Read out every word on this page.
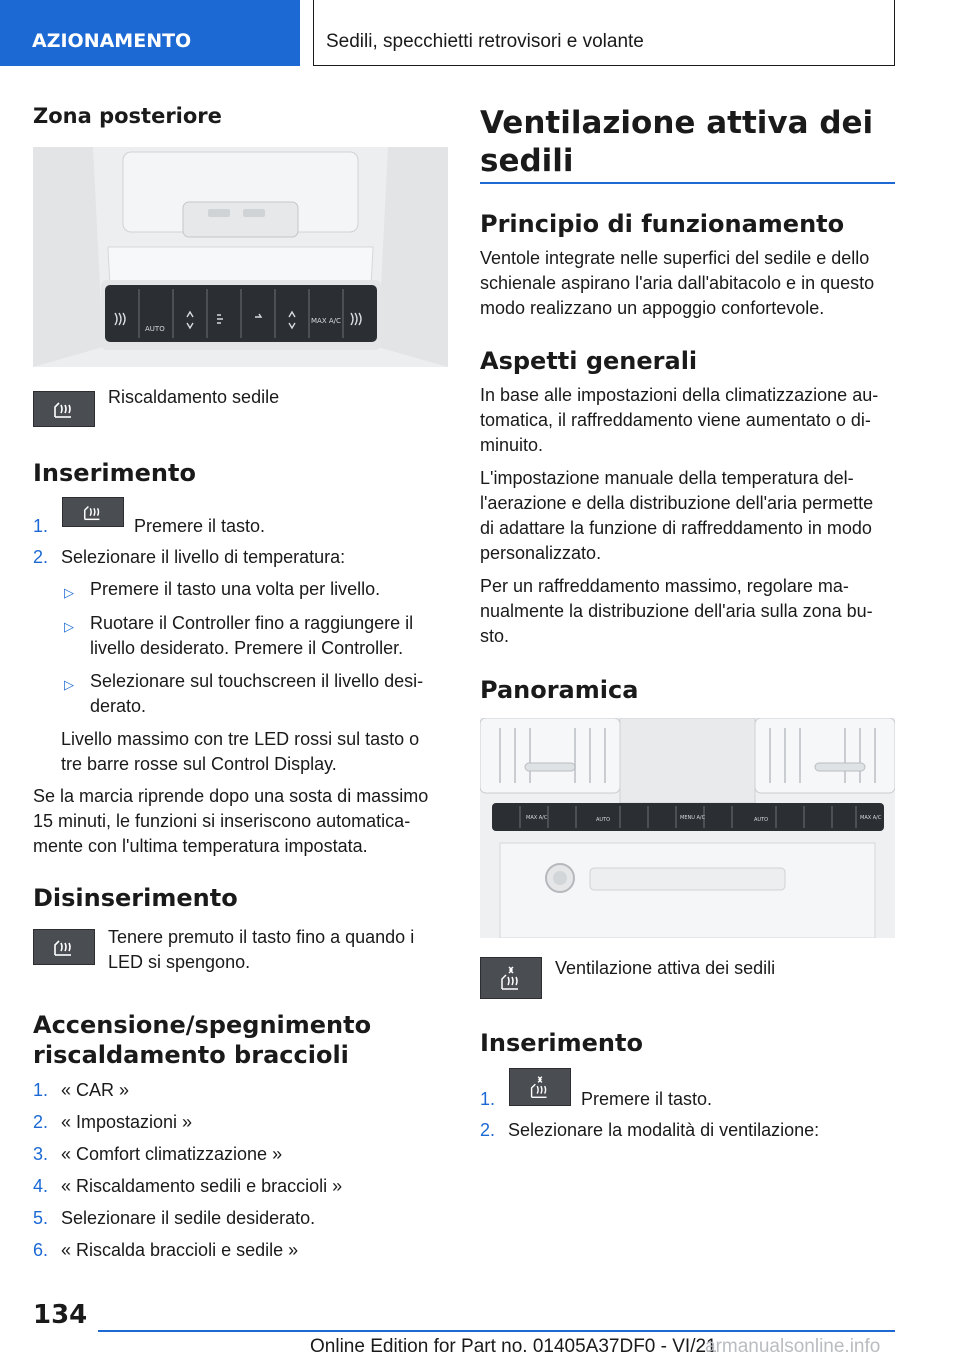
AZIONAMENTO	Sedili, specchietti retrovisori e volante
Zona posteriore
AUTO
MAX A/C
Riscaldamento sedile
Inserimento
1.	Premere il tasto.
2. Selezionare il livello di temperatura:
▷ Premere il tasto una volta per livello.
▷ Ruotare il Controller fino a raggiungere il
livello desiderato. Premere il Controller.
▷ Selezionare sul touchscreen il livello desi-
derato.
Livello massimo con tre LED rossi sul tasto o
tre barre rosse sul Control Display.
Se la marcia riprende dopo una sosta di massimo
15 minuti, le funzioni si inseriscono automatica-
mente con l'ultima temperatura impostata.
Disinserimento
Tenere premuto il tasto fino a quando i
LED si spengono.
Accensione/spegnimento
riscaldamento braccioli
1. « CAR »
2. « Impostazioni »
3. « Comfort climatizzazione »
4. « Riscaldamento sedili e braccioli »
5. Selezionare il sedile desiderato.
6. « Riscalda braccioli e sedile »
Ventilazione attiva dei
sedili
Principio di funzionamento
Ventole integrate nelle superfici del sedile e dello
schienale aspirano l'aria dall'abitacolo e in questo
modo realizzano un appoggio confortevole.
Aspetti generali
In base alle impostazioni della climatizzazione au-
tomatica, il raffreddamento viene aumentato o di-
minuito.
L'impostazione manuale della temperatura del-
l'aerazione e della distribuzione dell'aria permette
di adattare la funzione di raffreddamento in modo
personalizzato.
Per un raffreddamento massimo, regolare ma-
nualmente la distribuzione dell'aria sulla zona bu-
sto.
Panoramica
MAX A/C	AUTO	MENU A/C	AUTO	MAX A/C
Ventilazione attiva dei sedili
Inserimento
1.	Premere il tasto.
2. Selezionare la modalità di ventilazione:
134
Online Edition for Part no. 01405A37DF0 - VI/21
armanualsonline.info
